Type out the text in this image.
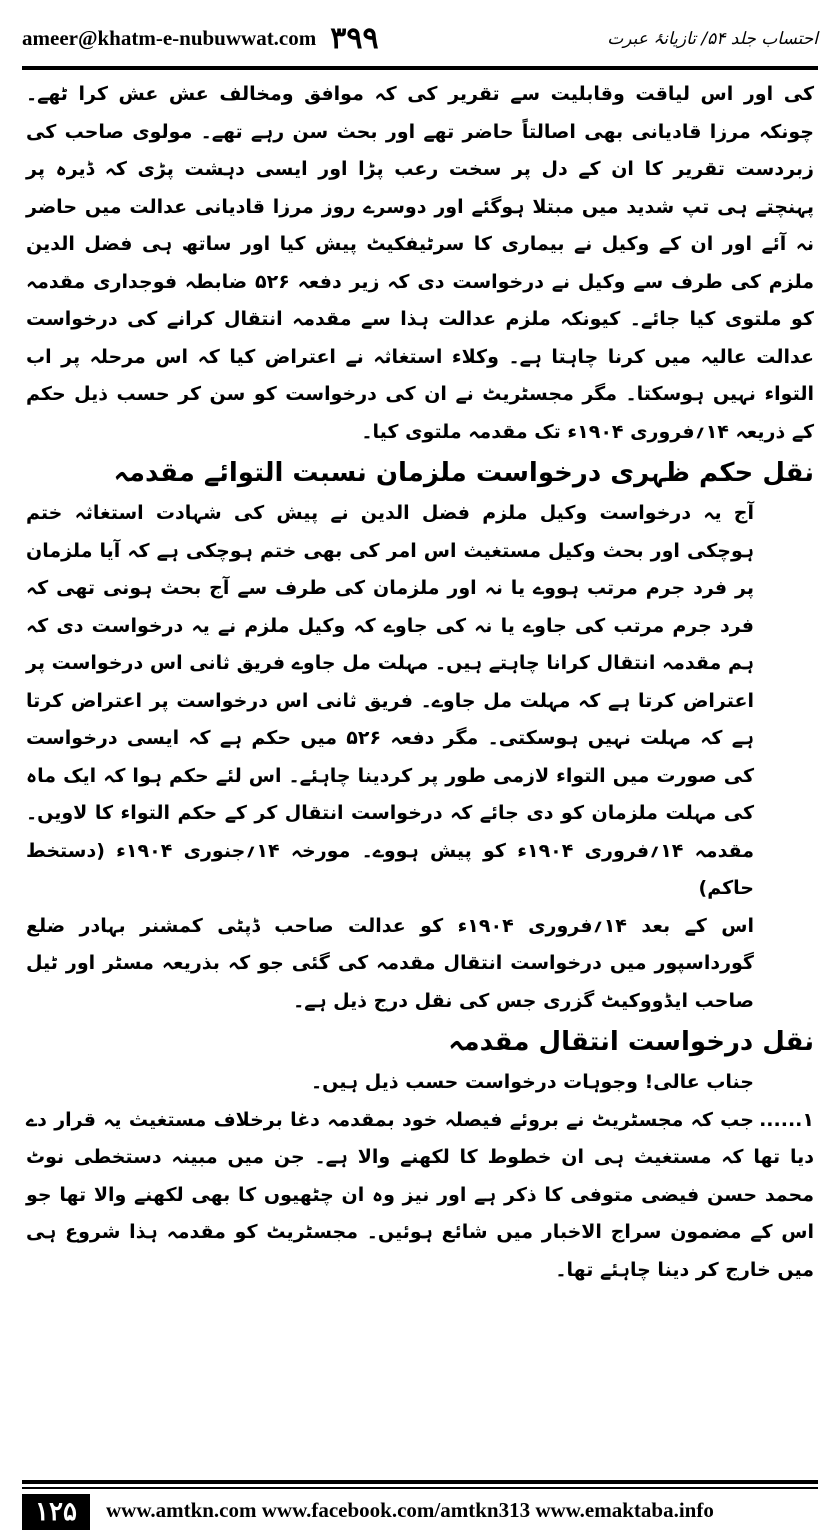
ameer@khatm-e-nubuwwat.com ۳۹۹	احتساب جلد ۵۴/ تازیانۂ عبرت

کی اور اس لیاقت وقابلیت سے تقریر کی کہ موافق ومخالف عش عش کرا ٹھے۔ چونکہ مرزا قادیانی بھی اصالتاً حاضر تھے اور بحث سن رہے تھے۔ مولوی صاحب کی زبردست تقریر کا ان کے دل پر سخت رعب پڑا اور ایسی دہشت پڑی کہ ڈیرہ پر پہنچتے ہی تپ شدید میں مبتلا ہوگئے اور دوسرے روز مرزا قادیانی عدالت میں حاضر نہ آئے اور ان کے وکیل نے بیماری کا سرٹیفکیٹ پیش کیا اور ساتھ ہی فضل الدین ملزم کی طرف سے وکیل نے درخواست دی کہ زیر دفعہ ۵۲۶ ضابطہ فوجداری مقدمہ کو ملتوی کیا جائے۔ کیونکہ ملزم عدالت ہذا سے مقدمہ انتقال کرانے کی درخواست عدالت عالیہ میں کرنا چاہتا ہے۔ وکلاء استغاثہ نے اعتراض کیا کہ اس مرحلہ پر اب التواء نہیں ہوسکتا۔ مگر مجسٹریٹ نے ان کی درخواست کو سن کر حسب ذیل حکم کے ذریعہ ۱۴؍فروری ۱۹۰۴ء تک مقدمہ ملتوی کیا۔

نقل حکم ظہری درخواست ملزمان نسبت التوائے مقدمہ

آج یہ درخواست وکیل ملزم فضل الدین نے پیش کی شہادت استغاثہ ختم ہوچکی اور بحث وکیل مستغیث اس امر کی بھی ختم ہوچکی ہے کہ آیا ملزمان پر فرد جرم مرتب ہووے یا نہ اور ملزمان کی طرف سے آج بحث ہونی تھی کہ فرد جرم مرتب کی جاوے یا نہ کی جاوے کہ وکیل ملزم نے یہ درخواست دی کہ ہم مقدمہ انتقال کرانا چاہتے ہیں۔ مہلت مل جاوے فریق ثانی اس درخواست پر اعتراض کرتا ہے کہ مہلت مل جاوے۔ فریق ثانی اس درخواست پر اعتراض کرتا ہے کہ مہلت نہیں ہوسکتی۔ مگر دفعہ ۵۲۶ میں حکم ہے کہ ایسی درخواست کی صورت میں التواء لازمی طور پر کردینا چاہئے۔ اس لئے حکم ہوا کہ ایک ماہ کی مہلت ملزمان کو دی جائے کہ درخواست انتقال کر کے حکم التواء کا لاویں۔ مقدمہ ۱۴؍فروری ۱۹۰۴ء کو پیش ہووے۔ مورخہ ۱۴؍جنوری ۱۹۰۴ء (دستخط حاکم)

اس کے بعد ۱۴؍فروری ۱۹۰۴ء کو عدالت صاحب ڈپٹی کمشنر بہادر ضلع گورداسپور میں درخواست انتقال مقدمہ کی گئی جو کہ بذریعہ مسٹر اور ٹیل صاحب ایڈووکیٹ گزری جس کی نقل درج ذیل ہے۔

نقل درخواست انتقال مقدمہ

جناب عالی! وجوہات درخواست حسب ذیل ہیں۔

۱......جب کہ مجسٹریٹ نے بروئے فیصلہ خود بمقدمہ دغا برخلاف مستغیث یہ قرار دے دیا تھا کہ مستغیث ہی ان خطوط کا لکھنے والا ہے۔ جن میں مبینہ دستخطی نوٹ محمد حسن فیضی متوفی کا ذکر ہے اور نیز وہ ان چٹھیوں کا بھی لکھنے والا تھا جو اس کے مضمون سراج الاخبار میں شائع ہوئیں۔ مجسٹریٹ کو مقدمہ ہذا شروع ہی میں خارج کر دینا چاہئے تھا۔

۱۲۵	www.amtkn.com www.facebook.com/amtkn313 www.emaktaba.info
